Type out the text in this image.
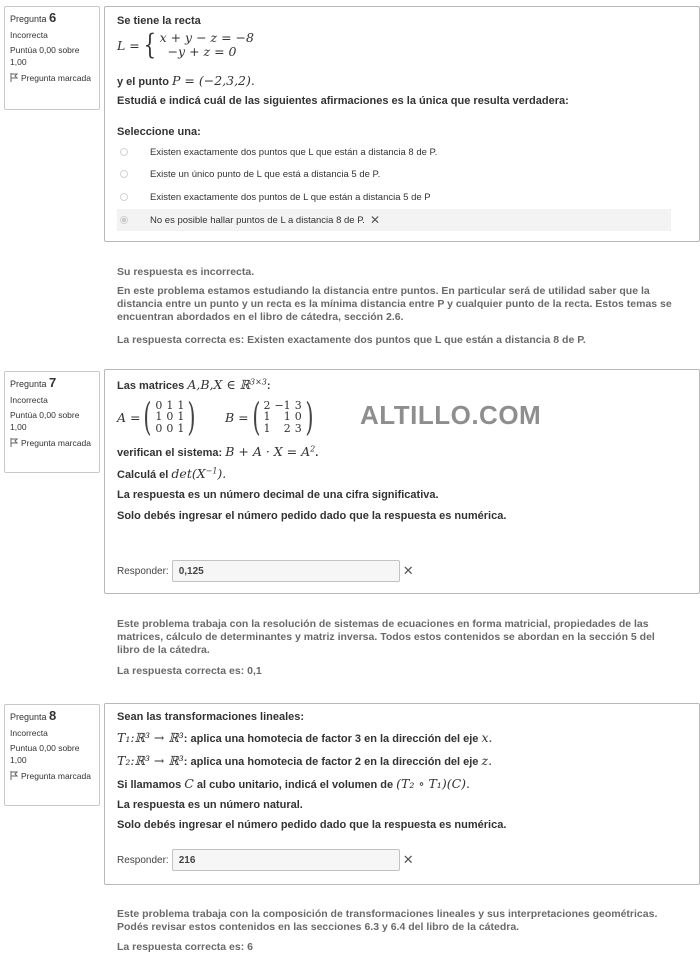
Pregunta 6
Incorrecta
Puntúa 0,00 sobre 1,00
Pregunta marcada
Se tiene la recta
L = { x + y − z = −8
−y + z = 0
y el punto P = (−2,3,2).
Estudiá e indicá cuál de las siguientes afirmaciones es la única que resulta verdadera:
Seleccione una:
Existen exactamente dos puntos que L que están a distancia 8 de P.
Existe un único punto de L que está a distancia 5 de P.
Existen exactamente dos puntos de L que están a distancia 5 de P
No es posible hallar puntos de L a distancia 8 de P. ✕
Su respuesta es incorrecta.
En este problema estamos estudiando la distancia entre puntos. En particular será de utilidad saber que la distancia entre un punto y un recta es la mínima distancia entre P y cualquier punto de la recta. Estos temas se encuentran abordados en el libro de cátedra, sección 2.6.
La respuesta correcta es: Existen exactamente dos puntos que L que están a distancia 8 de P.
Pregunta 7
Incorrecta
Puntúa 0,00 sobre 1,00
Pregunta marcada
Las matrices A,B,X ∈ ℝ$^{3\times 3}$:
A = ( 0 1 1
1 0 1
0 0 1 ) B = ( 2 −1 3
1	1 0
1	2 3 )
verifican el sistema: $B + A \cdot X = A^2$.
Calculá el $\det(X^{-1})$.
La respuesta es un número decimal de una cifra significativa.
Solo debés ingresar el número pedido dado que la respuesta es numérica.
Responder:
0,125	✕
ALTILLO.COM
Este problema trabaja con la resolución de sistemas de ecuaciones en forma matricial, propiedades de las matrices, cálculo de determinantes y matriz inversa. Todos estos contenidos se abordan en la sección 5 del libro de la cátedra.
La respuesta correcta es: 0,1
Pregunta 8
Incorrecta
Puntua 0,00 sobre 1,00
Pregunta marcada
Sean las transformaciones lineales:
T₁:ℝ³ → ℝ³: aplica una homotecia de factor 3 en la dirección del eje x.
T₂:ℝ³ → ℝ³: aplica una homotecia de factor 2 en la dirección del eje z.
Si llamamos C al cubo unitario, indicá el volumen de (T₂ ∘ T₁)(C).
La respuesta es un número natural.
Solo debés ingresar el número pedido dado que la respuesta es numérica.
Responder:
216	✕
Este problema trabaja con la composición de transformaciones lineales y sus interpretaciones geométricas. Podés revisar estos contenidos en las secciones 6.3 y 6.4 del libro de la cátedra.
La respuesta correcta es: 6
